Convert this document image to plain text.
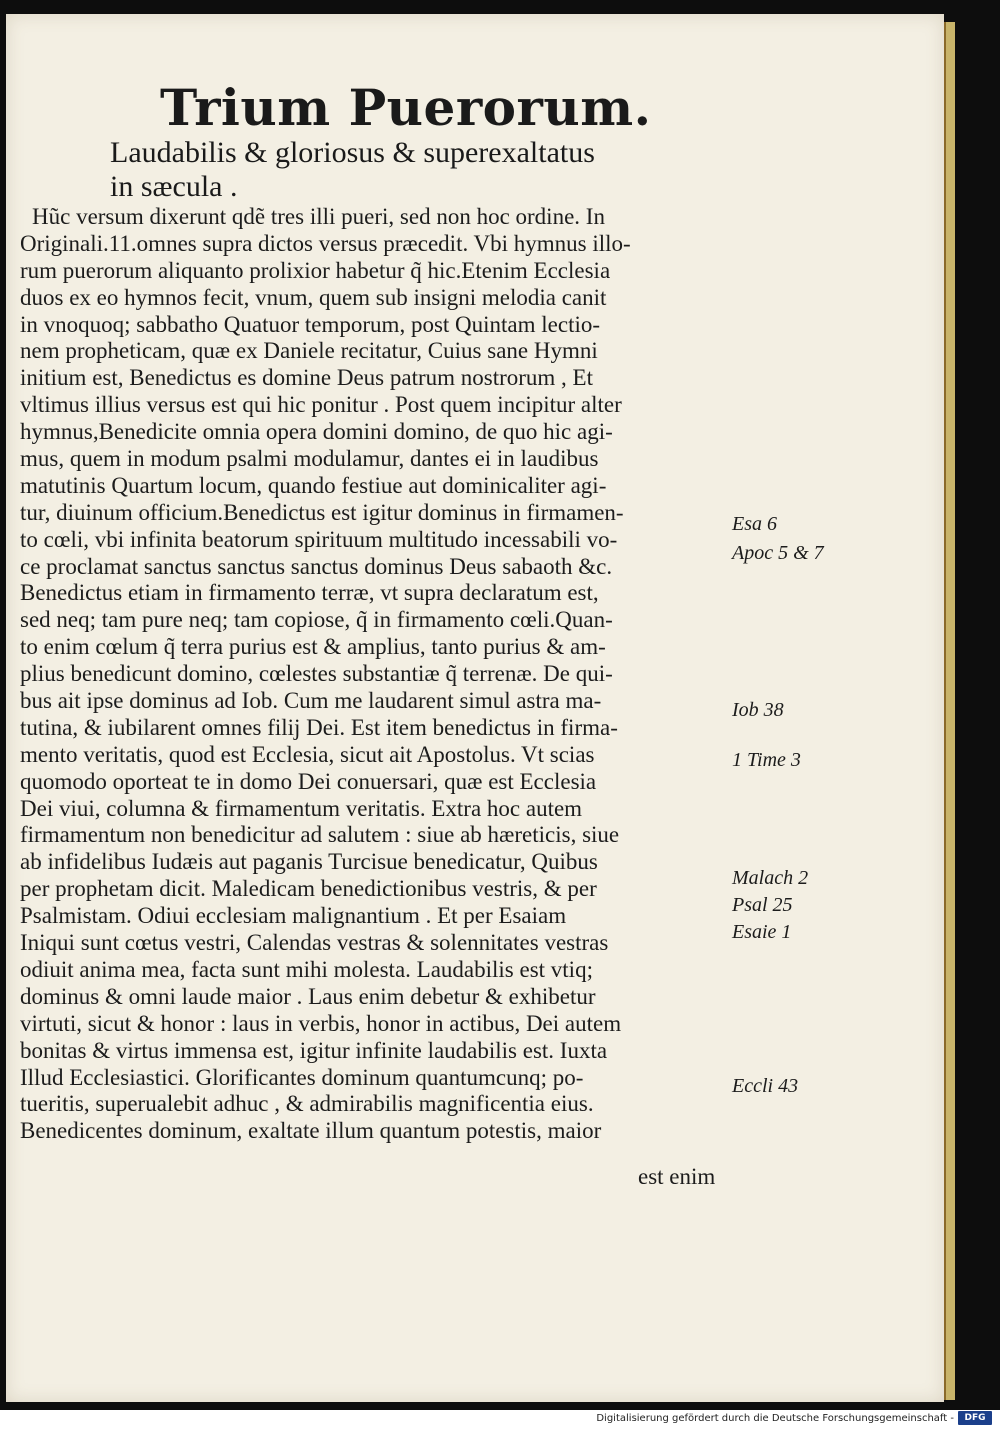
Trium Puerorum.
Laudabilis & gloriosus & superexaltatus
in sæcula .
Hũc versum dixerunt qdẽ tres illi pueri, sed non hoc ordine. In
Originali.11.omnes supra dictos versus præcedit. Vbi hymnus illo-
rum puerorum aliquanto prolixior habetur q̃ hic.Etenim Ecclesia
duos ex eo hymnos fecit, vnum, quem sub insigni melodia canit
in vnoquoq; sabbatho Quatuor temporum, post Quintam lectio-
nem propheticam, quæ ex Daniele recitatur, Cuius sane Hymni
initium est, Benedictus es domine Deus patrum nostrorum , Et
vltimus illius versus est qui hic ponitur . Post quem incipitur alter
hymnus,Benedicite omnia opera domini domino, de quo hic agi-
mus, quem in modum psalmi modulamur, dantes ei in laudibus
matutinis Quartum locum, quando festiue aut dominicaliter agi-
tur, diuinum officium.Benedictus est igitur dominus in firmamen-
to cœli, vbi infinita beatorum spirituum multitudo incessabili vo-
ce proclamat sanctus sanctus sanctus dominus Deus sabaoth &c.
Benedictus etiam in firmamento terræ, vt supra declaratum est,
sed neq; tam pure neq; tam copiose, q̃ in firmamento cœli.Quan-
to enim cœlum q̃ terra purius est & amplius, tanto purius & am-
plius benedicunt domino, cœlestes substantiæ q̃ terrenæ. De qui-
bus ait ipse dominus ad Iob. Cum me laudarent simul astra ma-
tutina, & iubilarent omnes filij Dei. Est item benedictus in firma-
mento veritatis, quod est Ecclesia, sicut ait Apostolus. Vt scias
quomodo oporteat te in domo Dei conuersari, quæ est Ecclesia
Dei viui, columna & firmamentum veritatis. Extra hoc autem
firmamentum non benedicitur ad salutem : siue ab hæreticis, siue
ab infidelibus Iudæis aut paganis Turcisue benedicatur, Quibus
per prophetam dicit. Maledicam benedictionibus vestris, & per
Psalmistam. Odiui ecclesiam malignantium . Et per Esaiam
Iniqui sunt cœtus vestri, Calendas vestras & solennitates vestras
odiuit anima mea, facta sunt mihi molesta. Laudabilis est vtiq;
dominus & omni laude maior . Laus enim debetur & exhibetur
virtuti, sicut & honor : laus in verbis, honor in actibus, Dei autem
bonitas & virtus immensa est, igitur infinite laudabilis est. Iuxta
Illud Ecclesiastici. Glorificantes dominum quantumcunq; po-
tueritis, superualebit adhuc , & admirabilis magnificentia eius.
Benedicentes dominum, exaltate illum quantum potestis, maior
est enim
Esa 6
Apoc 5 & 7
Iob 38
1 Time 3
Malach 2
Psal 25
Esaie 1
Eccli 43
Digitalisierung gefördert durch die Deutsche Forschungsgemeinschaft -	DFG
